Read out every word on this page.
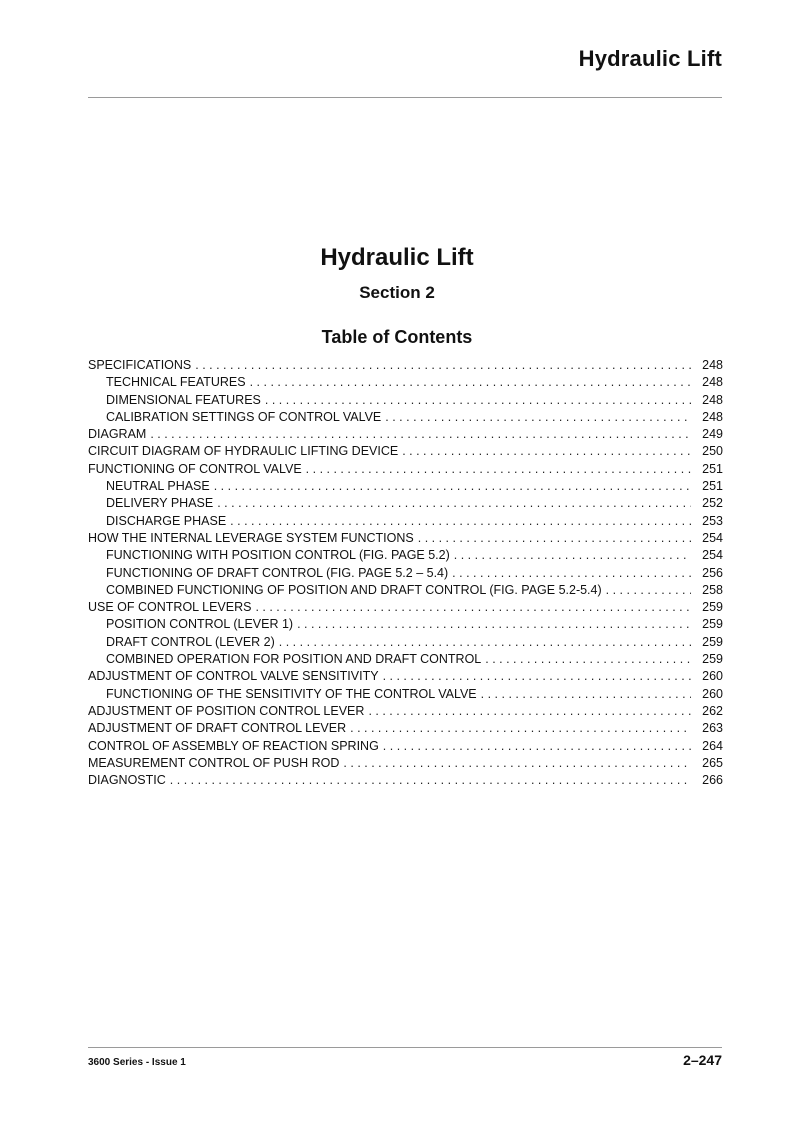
Hydraulic Lift
Hydraulic Lift
Section 2
Table of Contents
SPECIFICATIONS . . .	248
TECHNICAL FEATURES . . .	248
DIMENSIONAL FEATURES . . .	248
CALIBRATION SETTINGS OF CONTROL VALVE . . .	248
DIAGRAM . . .	249
CIRCUIT DIAGRAM OF HYDRAULIC LIFTING DEVICE . . .	250
FUNCTIONING OF CONTROL VALVE . . .	251
NEUTRAL PHASE . . .	251
DELIVERY PHASE . . .	252
DISCHARGE PHASE . . .	253
HOW THE INTERNAL LEVERAGE SYSTEM FUNCTIONS . . .	254
FUNCTIONING WITH POSITION CONTROL (FIG. PAGE 5.2) . . .	254
FUNCTIONING OF DRAFT CONTROL (FIG. PAGE 5.2 – 5.4) . . .	256
COMBINED FUNCTIONING OF POSITION AND DRAFT CONTROL (FIG. PAGE 5.2-5.4) . . .	258
USE OF CONTROL LEVERS . . .	259
POSITION CONTROL (LEVER 1) . . .	259
DRAFT CONTROL (LEVER 2) . . .	259
COMBINED OPERATION FOR POSITION AND DRAFT CONTROL . . .	259
ADJUSTMENT OF CONTROL VALVE SENSITIVITY . . .	260
FUNCTIONING OF THE SENSITIVITY OF THE CONTROL VALVE . . .	260
ADJUSTMENT OF POSITION CONTROL LEVER . . .	262
ADJUSTMENT OF DRAFT CONTROL LEVER . . .	263
CONTROL OF ASSEMBLY OF REACTION SPRING . . .	264
MEASUREMENT CONTROL OF PUSH ROD . . .	265
DIAGNOSTIC . . .	266
3600 Series - Issue 1	2–247
